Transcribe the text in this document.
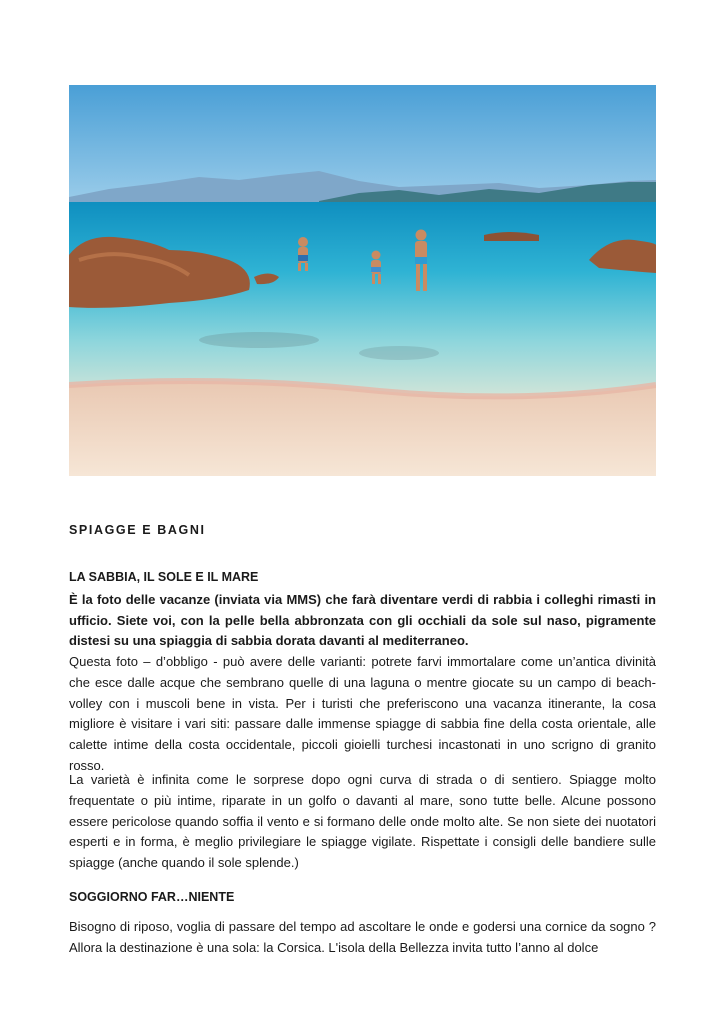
SPIAGGE E BAGNI
LA SABBIA, IL SOLE E IL MARE

È la foto delle vacanze (inviata via MMS) che farà diventare verdi di rabbia i colleghi rimasti in ufficio. Siete voi, con la pelle bella abbronzata con gli occhiali da sole sul naso, pigramente distesi su una spiaggia di sabbia dorata davanti al mediterraneo.

Questa foto – d’obbligo - può avere delle varianti: potrete farvi immortalare come un’antica divinità che esce dalle acque che sembrano quelle di una laguna o mentre giocate su un campo di beach-volley con i muscoli bene in vista. Per i turisti che preferiscono una vacanza itinerante, la cosa migliore è visitare i vari siti: passare dalle immense spiagge di sabbia fine della costa orientale, alle calette intime della costa occidentale, piccoli gioielli turchesi incastonati in uno scrigno di granito rosso.

La varietà è infinita come le sorprese dopo ogni curva di strada o di sentiero. Spiagge molto frequentate o più intime, riparate in un golfo o davanti al mare, sono tutte belle. Alcune possono essere pericolose quando soffia il vento e si formano delle onde molto alte. Se non siete dei nuotatori esperti e in forma, è meglio privilegiare le spiagge vigilate. Rispettate i consigli delle bandiere sulle spiagge (anche quando il sole splende.)

SOGGIORNO FAR…NIENTE

Bisogno di riposo, voglia di passare del tempo ad ascoltare le onde e godersi una cornice da sogno ? Allora la destinazione è una sola: la Corsica. L'isola della Bellezza invita tutto l’anno al dolce
